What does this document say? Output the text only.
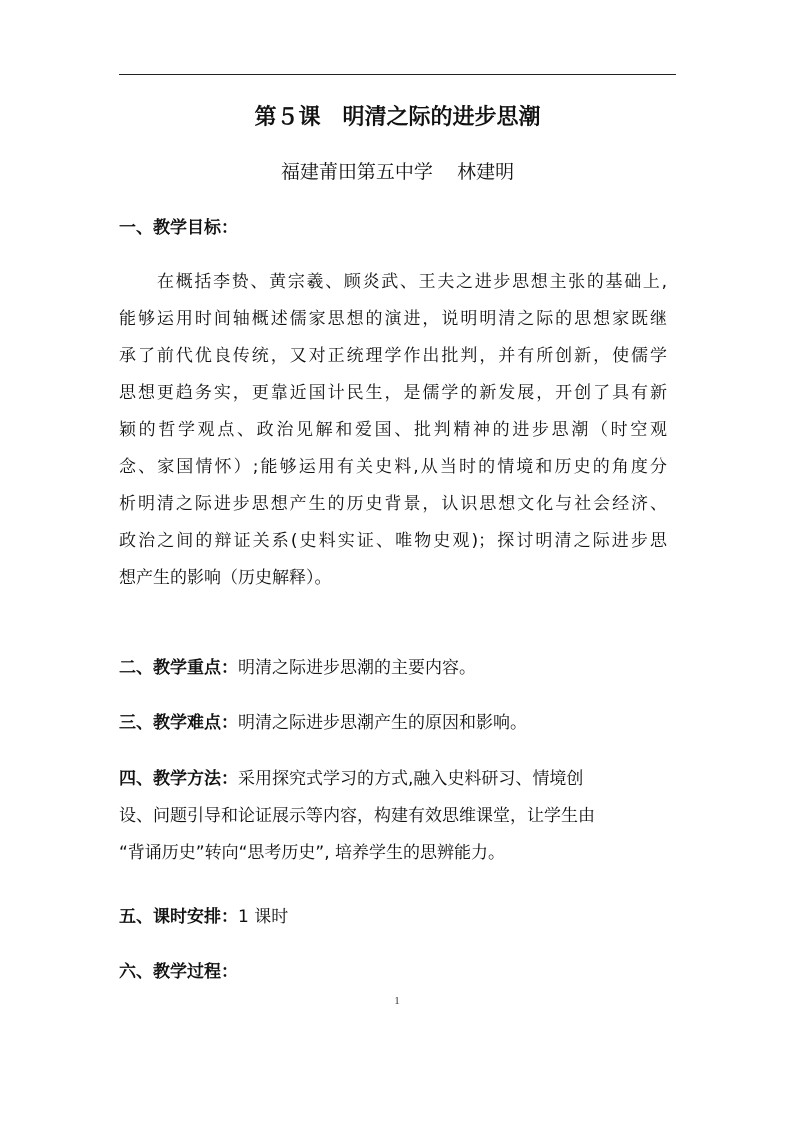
第５课　明清之际的进步思潮
福建莆田第五中学    林建明
一、教学目标：
在概括李贽、黄宗羲、顾炎武、王夫之进步思想主张的基础上,
能够运用时间轴概述儒家思想的演进，说明明清之际的思想家既继
承了前代优良传统，又对正统理学作出批判，并有所创新，使儒学
思想更趋务实，更靠近国计民生，是儒学的新发展，开创了具有新
颖的哲学观点、政治见解和爱国、批判精神的进步思潮（时空观
念、家国情怀）;能够运用有关史料,从当时的情境和历史的角度分
析明清之际进步思想产生的历史背景，认识思想文化与社会经济、
政治之间的辩证关系(史料实证、唯物史观)；探讨明清之际进步思
想产生的影响（历史解释）。
二、教学重点：明清之际进步思潮的主要内容。
三、教学难点：明清之际进步思潮产生的原因和影响。
四、教学方法：采用探究式学习的方式,融入史料研习、情境创
设、问题引导和论证展示等内容，构建有效思维课堂，让学生由
“背诵历史”转向“思考历史”, 培养学生的思辨能力。
五、课时安排：1 课时
六、教学过程：
1
